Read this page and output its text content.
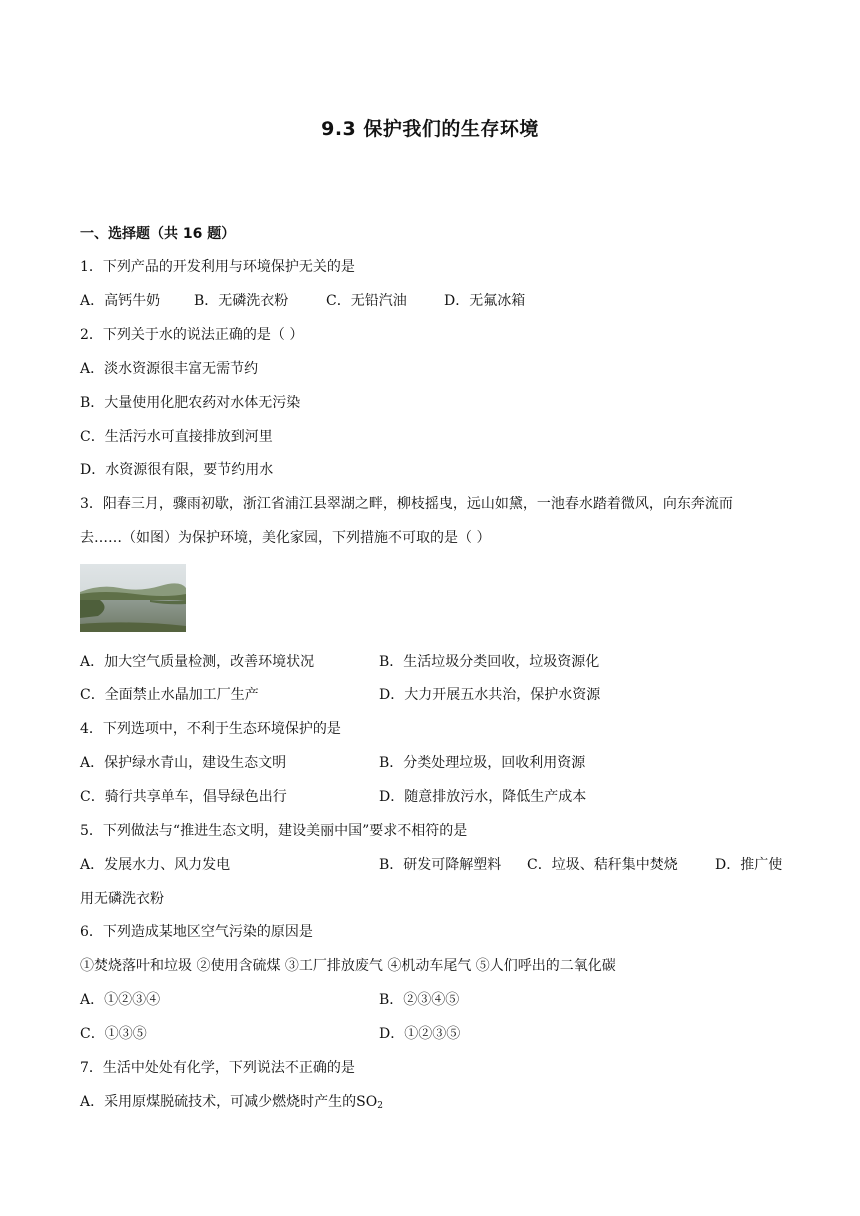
9.3 保护我们的生存环境
一、选择题（共 16 题）
1．下列产品的开发利用与环境保护无关的是
A．高钙牛奶 B．无磷洗衣粉	C．无铅汽油	D．无氟冰箱
2．下列关于水的说法正确的是（ ）
A．淡水资源很丰富无需节约
B．大量使用化肥农药对水体无污染
C．生活污水可直接排放到河里
D．水资源很有限，要节约用水
3．阳春三月，骤雨初歇，浙江省浦江县翠湖之畔，柳枝摇曳，远山如黛，一池春水踏着微风，向东奔流而
去……（如图）为保护环境，美化家园，下列措施不可取的是（ ）
A．加大空气质量检测，改善环境状况	B．生活垃圾分类回收，垃圾资源化
C．全面禁止水晶加工厂生产	D．大力开展五水共治，保护水资源
4．下列选项中，不利于生态环境保护的是
A．保护绿水青山，建设生态文明	B．分类处理垃圾，回收利用资源
C．骑行共享单车，倡导绿色出行	D．随意排放污水，降低生产成本
5．下列做法与“推进生态文明，建设美丽中国”要求不相符的是
A．发展水力、风力发电	B．研发可降解塑料 C．垃圾、秸秆集中焚烧	D．推广使
用无磷洗衣粉
6．下列造成某地区空气污染的原因是
①焚烧落叶和垃圾 ②使用含硫煤 ③工厂排放废气 ④机动车尾气 ⑤人们呼出的二氧化碳
A．①②③④	B．②③④⑤
C．①③⑤	D．①②③⑤
7．生活中处处有化学，下列说法不正确的是
A．采用原煤脱硫技术，可减少燃烧时产生的$SO_2$
